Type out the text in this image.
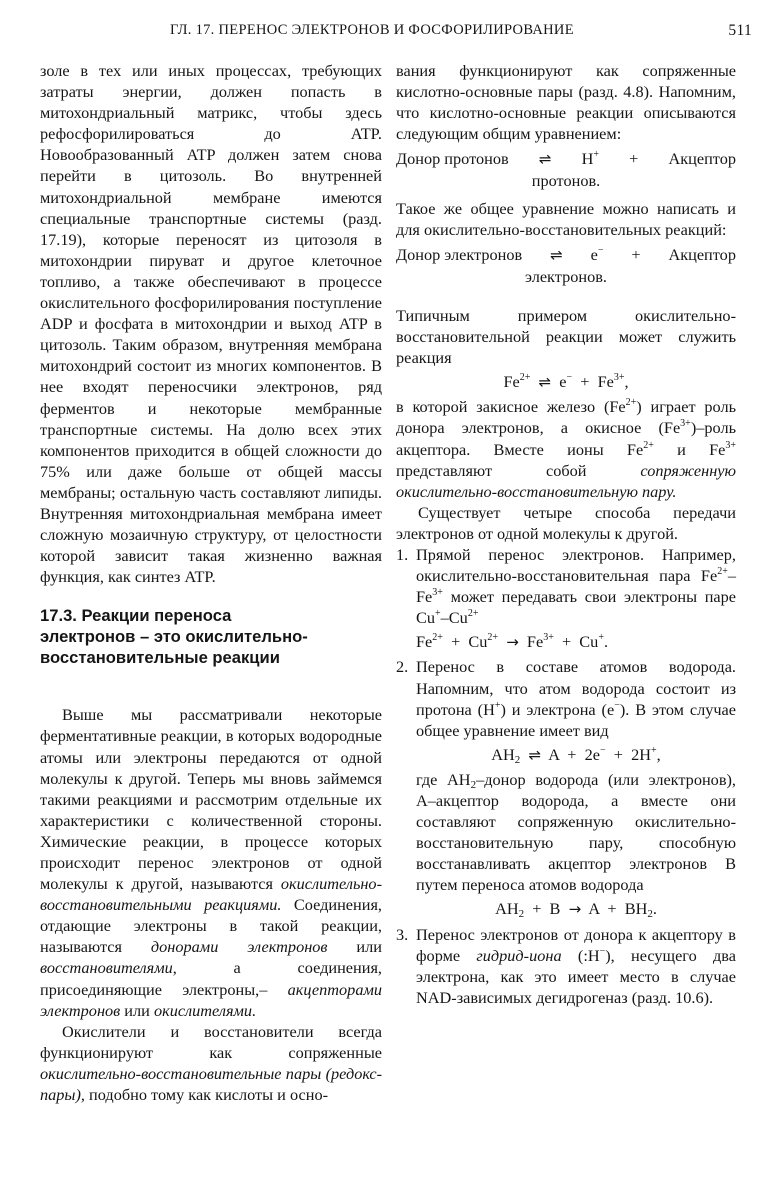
ГЛ. 17. ПЕРЕНОС ЭЛЕКТРОНОВ И ФОСФОРИЛИРОВАНИЕ	511

золе в тех или иных процессах, требующих затраты энергии, должен попасть в митохондриальный матрикс, чтобы здесь рефосфорилироваться до ATP. Новообразованный ATP должен затем снова перейти в цитозоль. Во внутренней митохондриальной мембране имеются специальные транспортные системы (разд. 17.19), которые переносят из цитозоля в митохондрии пируват и другое клеточное топливо, а также обеспечивают в процессе окислительного фосфорилирования поступление ADP и фосфата в митохондрии и выход ATP в цитозоль. Таким образом, внутренняя мембрана митохондрий состоит из многих компонентов. В нее входят переносчики электронов, ряд ферментов и некоторые мембранные транспортные системы. На долю всех этих компонентов приходится в общей сложности до 75% или даже больше от общей массы мембраны; остальную часть составляют липиды. Внутренняя митохондриальная мембрана имеет сложную мозаичную структуру, от целостности которой зависит такая жизненно важная функция, как синтез ATP.

17.3. Реакции переноса
электронов – это окислительно-
восстановительные реакции

Выше мы рассматривали некоторые ферментативные реакции, в которых водородные атомы или электроны передаются от одной молекулы к другой. Теперь мы вновь займемся такими реакциями и рассмотрим отдельные их характеристики с количественной стороны. Химические реакции, в процессе которых происходит перенос электронов от одной молекулы к другой, называются окислительно-восстановительными реакциями. Соединения, отдающие электроны в такой реакции, называются донорами электронов или восстановителями, а соединения, присоединяющие электроны,– акцепторами электронов или окислителями.

Окислители и восстановители всегда функционируют как сопряженные окислительно-восстановительные пары (редокс-пары), подобно тому как кислоты и осно-

вания функционируют как сопряженные кислотно-основные пары (разд. 4.8). Напомним, что кислотно-основные реакции описываются следующим общим уравнением:

Донор протонов ⇌ H+ + Акцептор
протонов.

Такое же общее уравнение можно написать и для окислительно-восстановительных реакций:

Донор электронов ⇌ e− + Акцептор
электронов.

Типичным примером окислительно-восстановительной реакции может служить реакция

$Fe^{2+}$ ⇌ $e^- + Fe^{3+}$,

в которой закисное железо $(Fe^{2+})$ играет роль донора электронов, а окисное $(Fe^{3+})$–роль акцептора. Вместе ионы $Fe^{2+}$ и $Fe^{3+}$ представляют собой сопряженную окислительно-восстановительную пару.

Существует четыре способа передачи электронов от одной молекулы к другой.

1. Прямой перенос электронов. Например, окислительно-восстановительная пара $Fe^{2+}-Fe^{3+}$ может передавать свои электроны паре $Cu^+-Cu^{2+}$
$Fe^{2+} + Cu^{2+} \to Fe^{3+} + Cu^+$.
2. Перенос в составе атомов водорода. Напомним, что атом водорода состоит из протона (H+) и электрона (e−). В этом случае общее уравнение имеет вид
$AH_2$ ⇌ A + 2e− + 2H+,

где $AH_2$–донор водорода (или электронов), A–акцептор водорода, а вместе они составляют сопряженную окислительно-восстановительную пару, способную восстанавливать акцептор электронов B путем переноса атомов водорода

$AH_2 + B \to A + BH_2$.
3. Перенос электронов от донора к акцептору в форме гидрид-иона (:H−), несущего два электрона, как это имеет место в случае NAD-зависимых дегидрогеназ (разд. 10.6).
